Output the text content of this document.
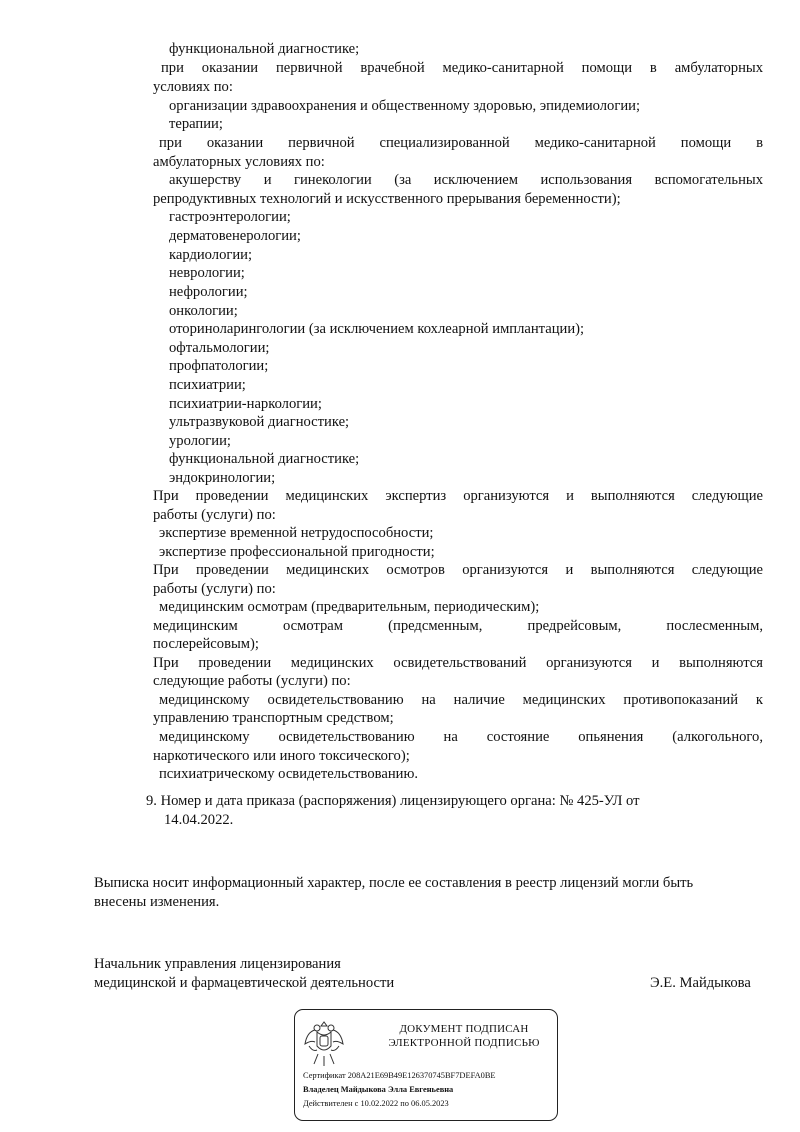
функциональной диагностике;
при оказании первичной врачебной медико-санитарной помощи в амбулаторных
условиях по:
организации здравоохранения и общественному здоровью, эпидемиологии;
терапии;
при оказании первичной специализированной медико-санитарной помощи в
амбулаторных условиях по:
акушерству и гинекологии (за исключением использования вспомогательных
репродуктивных технологий и искусственного прерывания беременности);
гастроэнтерологии;
дерматовенерологии;
кардиологии;
неврологии;
нефрологии;
онкологии;
оториноларингологии (за исключением кохлеарной имплантации);
офтальмологии;
профпатологии;
психиатрии;
психиатрии-наркологии;
ультразвуковой диагностике;
урологии;
функциональной диагностике;
эндокринологии;
При проведении медицинских экспертиз организуются и выполняются следующие
работы (услуги) по:
экспертизе временной нетрудоспособности;
экспертизе профессиональной пригодности;
При проведении медицинских осмотров организуются и выполняются следующие
работы (услуги) по:
медицинским осмотрам (предварительным, периодическим);
медицинским осмотрам (предсменным, предрейсовым, послесменным,
послерейсовым);
При проведении медицинских освидетельствований организуются и выполняются
следующие работы (услуги) по:
медицинскому освидетельствованию на наличие медицинских противопоказаний к
управлению транспортным средством;
медицинскому освидетельствованию на состояние опьянения (алкогольного,
наркотического или иного токсического);
психиатрическому освидетельствованию.
9. Номер и дата приказа (распоряжения) лицензирующего органа: № 425-УЛ от
14.04.2022.
Выписка носит информационный характер, после ее составления в реестр лицензий могли быть
внесены изменения.
Начальник управления лицензирования
медицинской и фармацевтической деятельности	Э.Е. Майдыкова
ДОКУМЕНТ ПОДПИСАН
ЭЛЕКТРОННОЙ ПОДПИСЬЮ
Сертификат 208A21E69B49E126370745BF7DEFA0BE
Владелец Майдыкова Элла Евгеньевна
Действителен с 10.02.2022 по 06.05.2023
